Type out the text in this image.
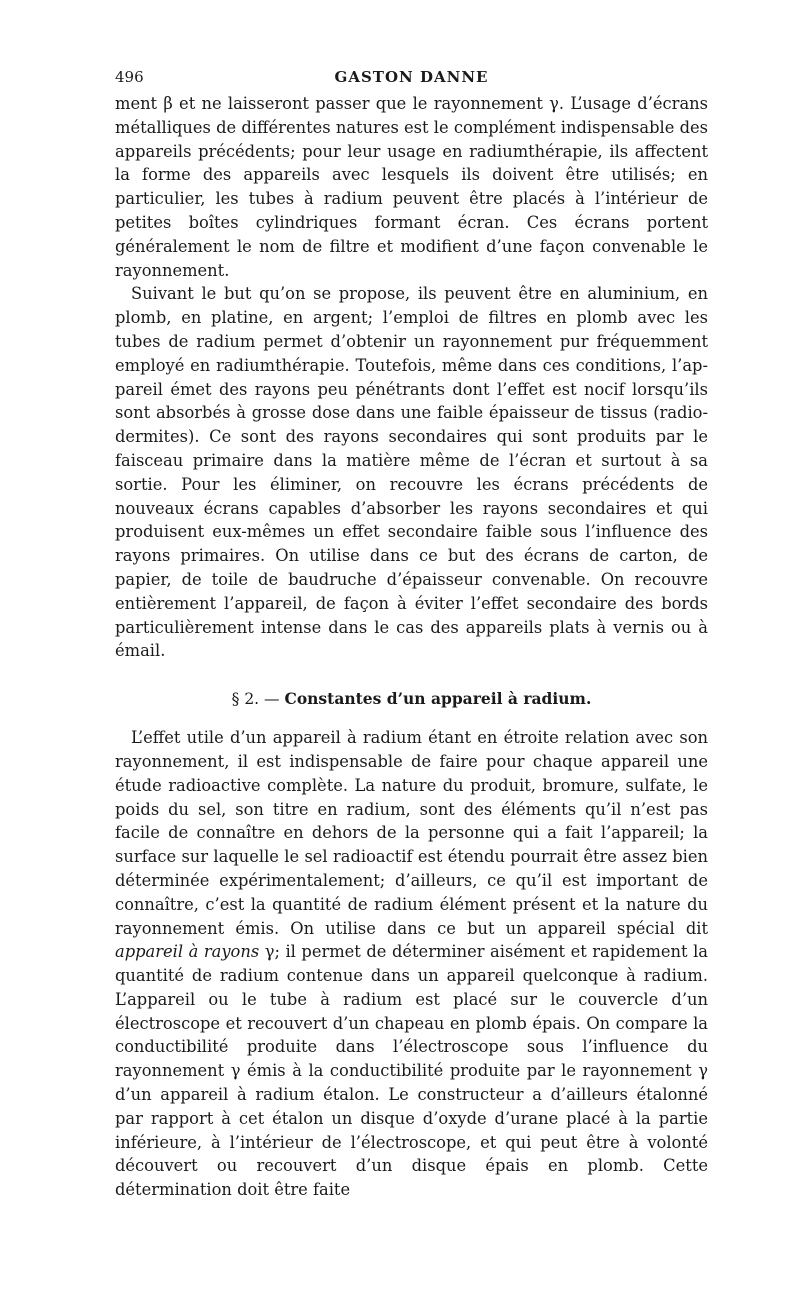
496	GASTON DANNE

ment β et ne laisseront passer que le rayonnement γ. L’usage d’écrans métalliques de différentes natures est le complément indispensable des appareils précédents; pour leur usage en radiumthérapie, ils affectent la forme des appareils avec lesquels ils doivent être utilisés; en particulier, les tubes à radium peuvent être placés à l’intérieur de petites boîtes cylindriques formant écran. Ces écrans portent généralement le nom de filtre et modifient d’une façon convenable le rayonnement.

Suivant le but qu’on se propose, ils peuvent être en aluminium, en plomb, en platine, en argent; l’emploi de filtres en plomb avec les tubes de radium permet d’obtenir un rayonnement pur fréquemment employé en radiumthérapie. Toutefois, même dans ces conditions, l’appareil émet des rayons peu pénétrants dont l’effet est nocif lorsqu’ils sont absorbés à grosse dose dans une faible épaisseur de tissus (radiodermites). Ce sont des rayons secondaires qui sont produits par le faisceau primaire dans la matière même de l’écran et surtout à sa sortie. Pour les éliminer, on recouvre les écrans précédents de nouveaux écrans capables d’absorber les rayons secondaires et qui produisent eux-mêmes un effet secondaire faible sous l’influence des rayons primaires. On utilise dans ce but des écrans de carton, de papier, de toile de baudruche d’épaisseur convenable. On recouvre entièrement l’appareil, de façon à éviter l’effet secondaire des bords particulièrement intense dans le cas des appareils plats à vernis ou à émail.

§ 2. — Constantes d’un appareil à radium.

L’effet utile d’un appareil à radium étant en étroite relation avec son rayonnement, il est indispensable de faire pour chaque appareil une étude radioactive complète. La nature du produit, bromure, sulfate, le poids du sel, son titre en radium, sont des éléments qu’il n’est pas facile de connaître en dehors de la personne qui a fait l’appareil; la surface sur laquelle le sel radioactif est étendu pourrait être assez bien déterminée expérimentalement; d’ailleurs, ce qu’il est important de connaître, c’est la quantité de radium élément présent et la nature du rayonnement émis. On utilise dans ce but un appareil spécial dit appareil à rayons γ; il permet de déterminer aisément et rapidement la quantité de radium contenue dans un appareil quelconque à radium. L’appareil ou le tube à radium est placé sur le couvercle d’un électroscope et recouvert d’un chapeau en plomb épais. On compare la conductibilité produite dans l’électroscope sous l’influence du rayonnement γ émis à la conductibilité produite par le rayonnement γ d’un appareil à radium étalon. Le constructeur a d’ailleurs étalonné par rapport à cet étalon un disque d’oxyde d’urane placé à la partie inférieure, à l’intérieur de l’électroscope, et qui peut être à volonté découvert ou recouvert d’un disque épais en plomb. Cette détermination doit être faite
